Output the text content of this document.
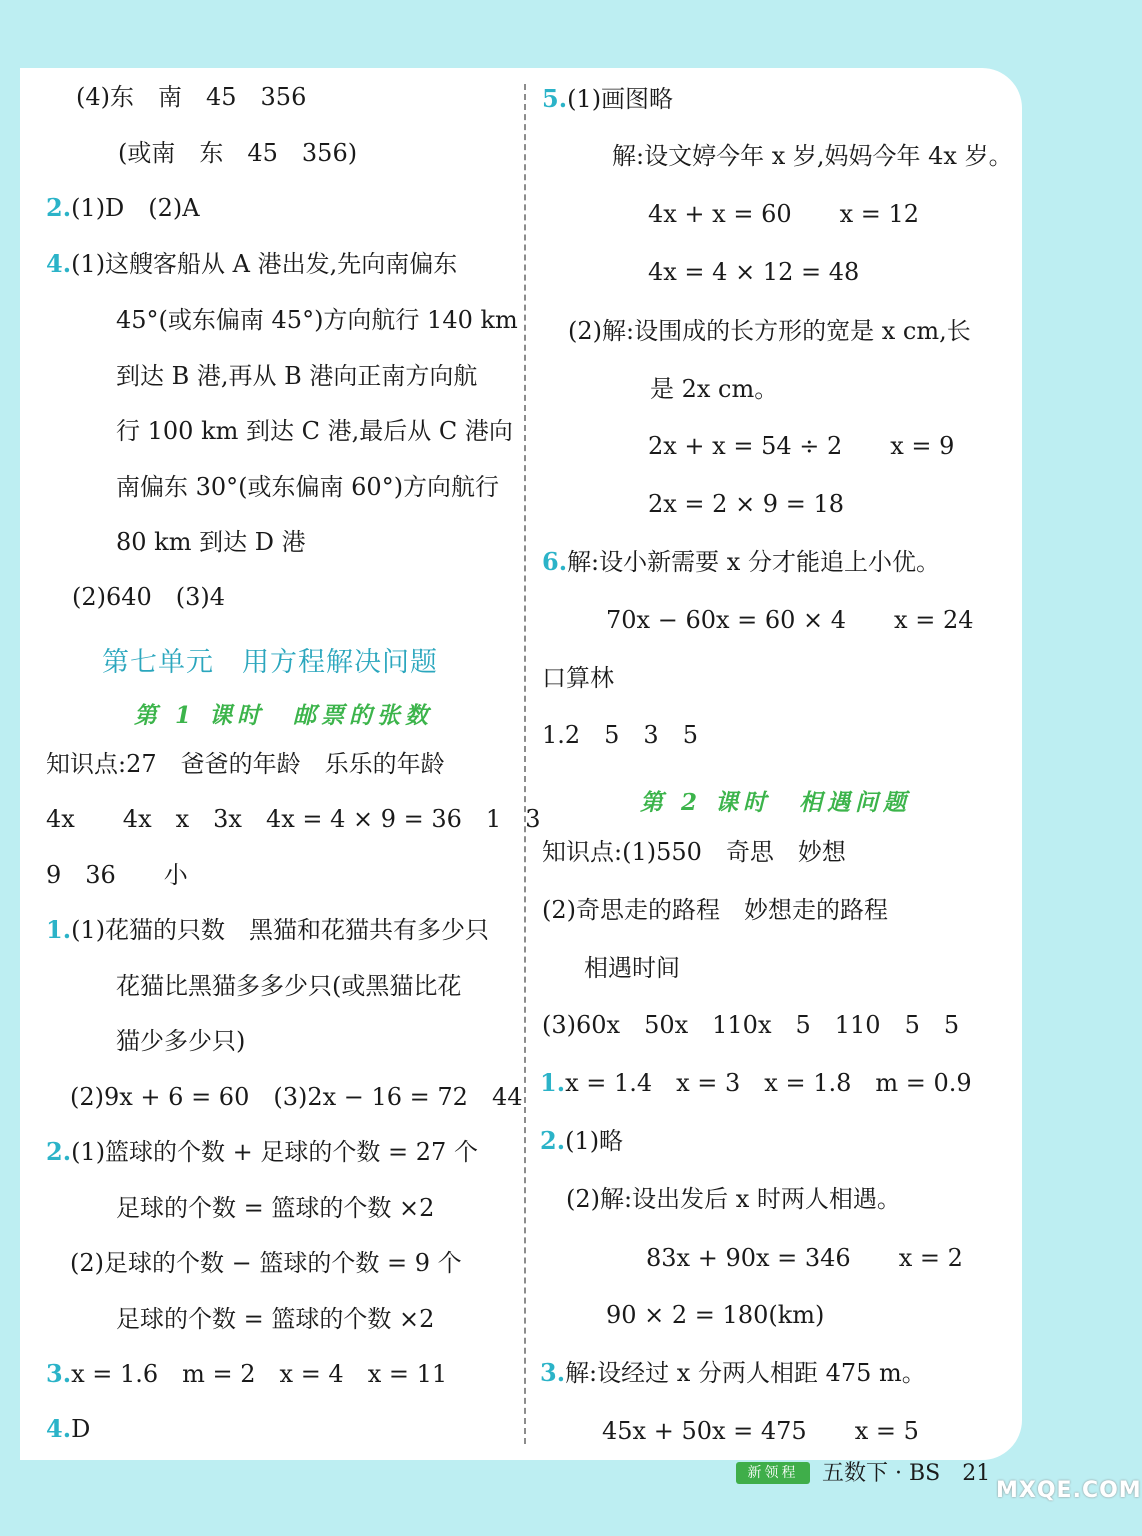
(4)东　南　45　356
(或南　东　45　356)
2.(1)D　(2)A
4.(1)这艘客船从 A 港出发,先向南偏东
45°(或东偏南 45°)方向航行 140 km
到达 B 港,再从 B 港向正南方向航
行 100 km 到达 C 港,最后从 C 港向
南偏东 30°(或东偏南 60°)方向航行
80 km 到达 D 港
(2)640　(3)4
第七单元　用方程解决问题
第 1 课时　邮票的张数
知识点:27　爸爸的年龄　乐乐的年龄
4x　　4x　x　3x　4x = 4 × 9 = 36　1　3
9　36　　小
1.(1)花猫的只数　黑猫和花猫共有多少只
花猫比黑猫多多少只(或黑猫比花
猫少多少只)
(2)9x + 6 = 60　(3)2x − 16 = 72　44
2.(1)篮球的个数 + 足球的个数 = 27 个
足球的个数 = 篮球的个数 ×2
(2)足球的个数 − 篮球的个数 = 9 个
足球的个数 = 篮球的个数 ×2
3.x = 1.6　m = 2　x = 4　x = 11
4.D
5.(1)画图略
解:设文婷今年 x 岁,妈妈今年 4x 岁。
4x + x = 60　　x = 12
4x = 4 × 12 = 48
(2)解:设围成的长方形的宽是 x cm,长
是 2x cm。
2x + x = 54 ÷ 2　　x = 9
2x = 2 × 9 = 18
6.解:设小新需要 x 分才能追上小优。
70x − 60x = 60 × 4　　x = 24
口算林
1.2　5　3　5
第 2 课时　相遇问题
知识点:(1)550　奇思　妙想
(2)奇思走的路程　妙想走的路程
相遇时间
(3)60x　50x　110x　5　110　5　5
1.x = 1.4　x = 3　x = 1.8　m = 0.9
2.(1)略
(2)解:设出发后 x 时两人相遇。
83x + 90x = 346　　x = 2
90 × 2 = 180(km)
3.解:设经过 x 分两人相距 475 m。
45x + 50x = 475　　x = 5
新领程	五数下 · BS　21
MXQE.COM
